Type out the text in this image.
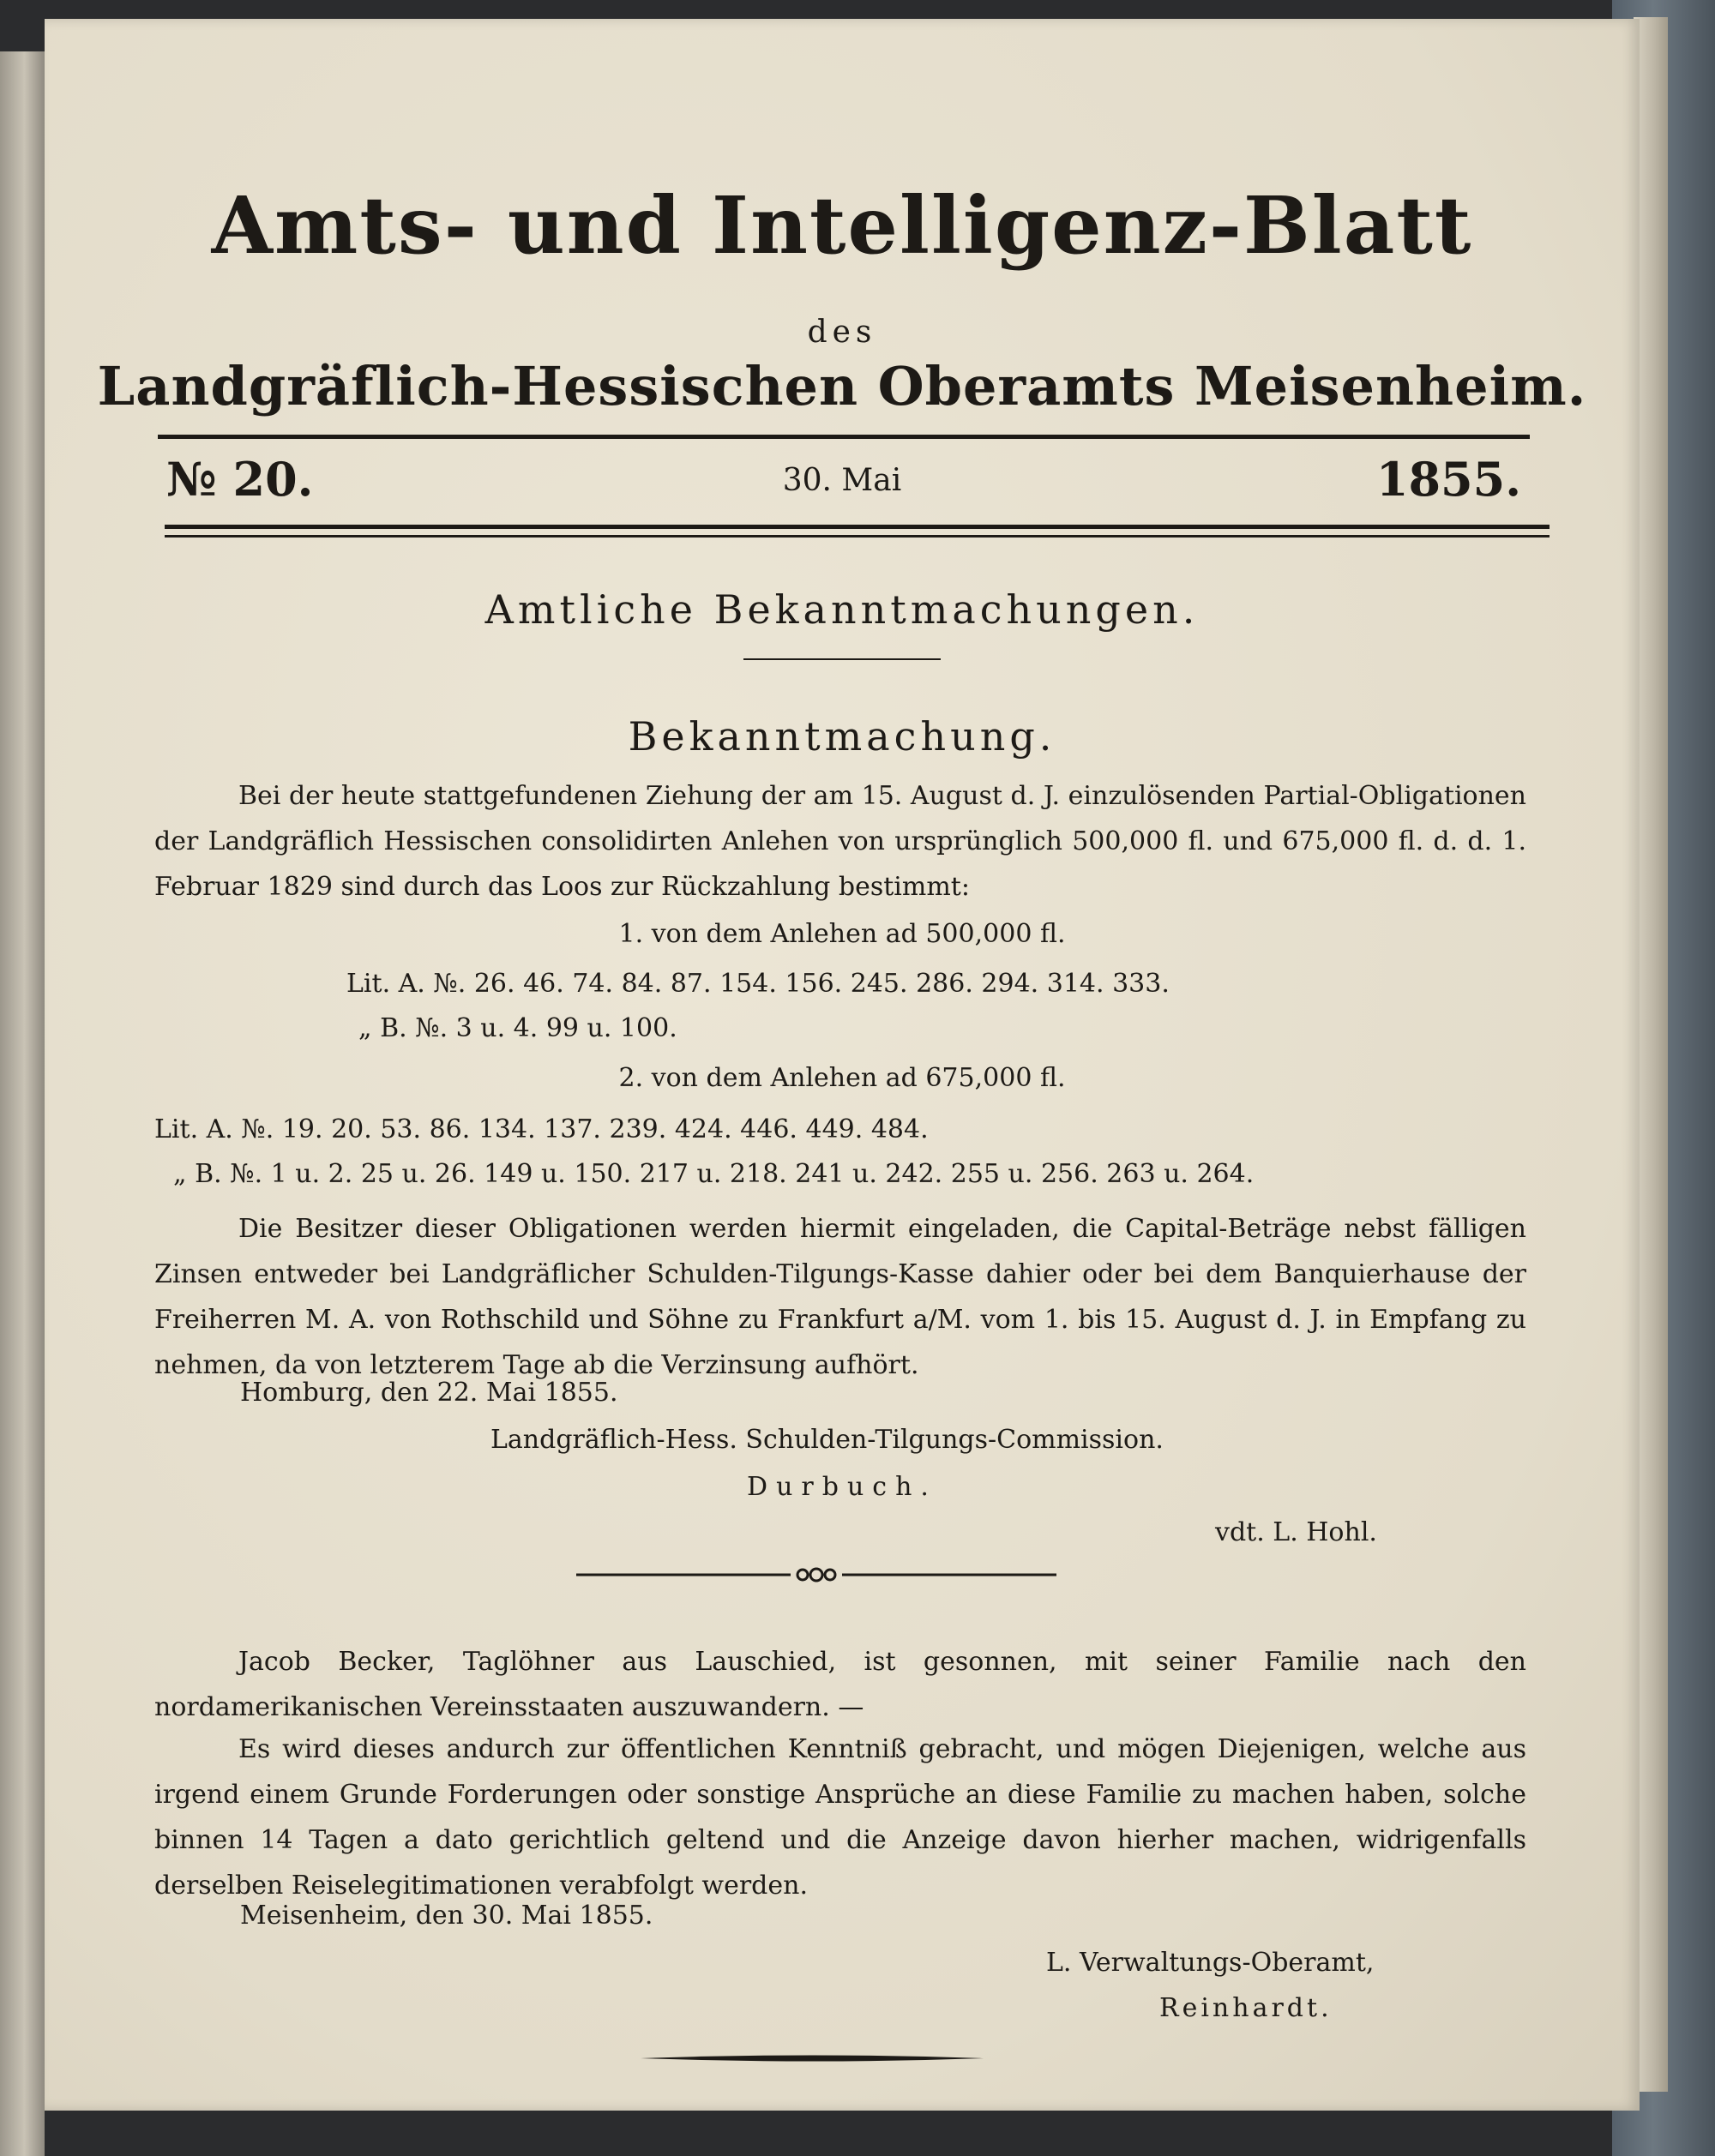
Amts- und Intelligenz-Blatt
des
Landgräflich-Hessischen Oberamts Meisenheim.
№ 20.	30. Mai	1855.
Amtliche Bekanntmachungen.
Bekanntmachung.

Bei der heute stattgefundenen Ziehung der am 15. August d. J. einzulösenden Partial-Obligationen der Landgräflich Hessischen consolidirten Anlehen von ursprünglich 500,000 fl. und 675,000 fl. d. d. 1. Februar 1829 sind durch das Loos zur Rückzahlung bestimmt:

1. von dem Anlehen ad 500,000 fl.
Lit. A. №. 26. 46. 74. 84. 87. 154. 156. 245. 286. 294. 314. 333.
„ B. №. 3 u. 4. 99 u. 100.
2. von dem Anlehen ad 675,000 fl.
Lit. A. №. 19. 20. 53. 86. 134. 137. 239. 424. 446. 449. 484.
„ B. №. 1 u. 2. 25 u. 26. 149 u. 150. 217 u. 218. 241 u. 242. 255 u. 256. 263 u. 264.

Die Besitzer dieser Obligationen werden hiermit eingeladen, die Capital-Beträge nebst fälligen Zinsen entweder bei Landgräflicher Schulden-Tilgungs-Kasse dahier oder bei dem Banquierhause der Freiherren M. A. von Rothschild und Söhne zu Frankfurt a/M. vom 1. bis 15. August d. J. in Empfang zu nehmen, da von letzterem Tage ab die Verzinsung aufhört.

Homburg, den 22. Mai 1855.
Landgräflich-Hess. Schulden-Tilgungs-Commission.
Durbuch.
vdt. L. Hohl.

Jacob Becker, Taglöhner aus Lauschied, ist gesonnen, mit seiner Familie nach den nordamerikanischen Vereinsstaaten auszuwandern. —

Es wird dieses andurch zur öffentlichen Kenntniß gebracht, und mögen Diejenigen, welche aus irgend einem Grunde Forderungen oder sonstige Ansprüche an diese Familie zu machen haben, solche binnen 14 Tagen a dato gerichtlich geltend und die Anzeige davon hierher machen, widrigenfalls derselben Reiselegitimationen verabfolgt werden.

Meisenheim, den 30. Mai 1855.
L. Verwaltungs-Oberamt,
Reinhardt.
